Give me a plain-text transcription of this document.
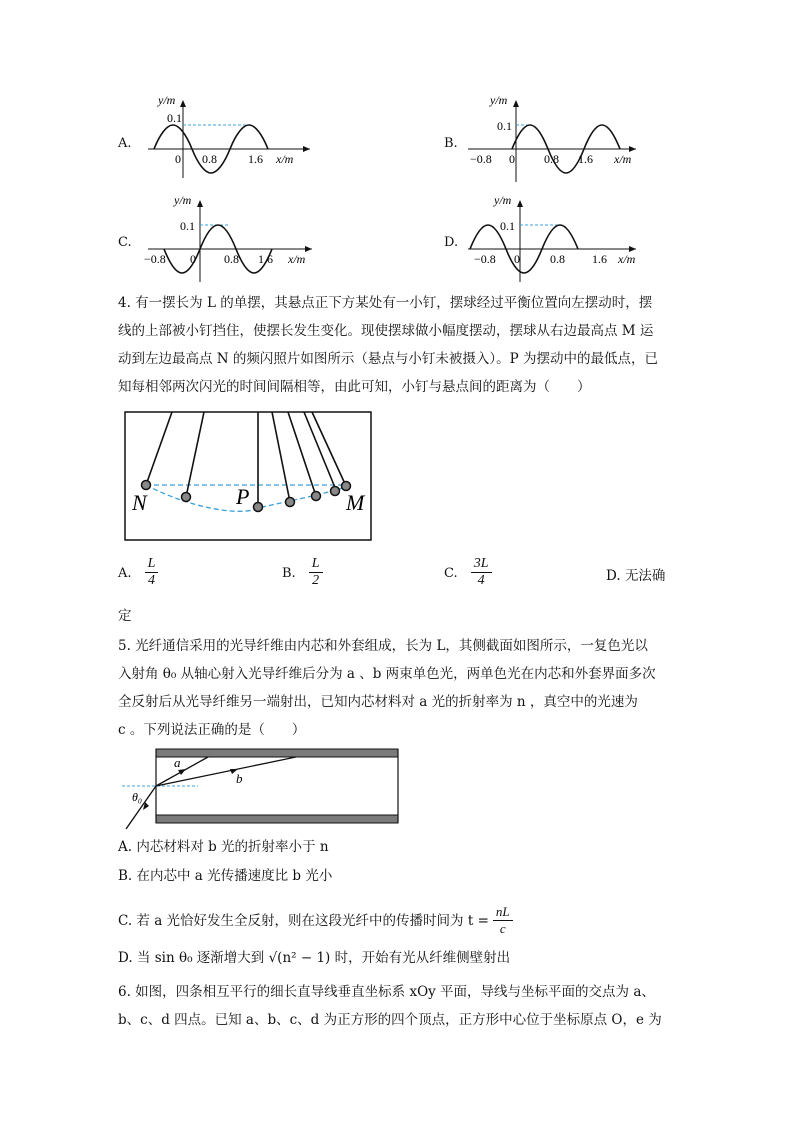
A.
y/m
0.1
0 0.8	1.6 x/m
B.
y/m
0.1
−0.8 0 0.8 1.6 x/m
C.
y/m
0.1
−0.8 0 0.8 1.6 x/m
D.
y/m
0.1
−0.8 0	0.8 1.6 x/m
4. 有一摆长为 L 的单摆，其悬点正下方某处有一小钉，摆球经过平衡位置向左摆动时，摆
线的上部被小钉挡住，使摆长发生变化。现使摆球做小幅度摆动，摆球从右边最高点 M 运
动到左边最高点 N 的频闪照片如图所示（悬点与小钉未被摄入）。P 为摆动中的最低点，已
知每相邻两次闪光的时间间隔相等，由此可知，小钉与悬点间的距离为（　　）
N	P	M
A. $\frac{L}{4}$	B. $\frac{L}{2}$	C. $\frac{3L}{4}$	D. 无法确
定
5. 光纤通信采用的光导纤维由内芯和外套组成，长为 L，其侧截面如图所示，一复色光以
入射角 θ₀ 从轴心射入光导纤维后分为 a 、b 两束单色光，两单色光在内芯和外套界面多次
全反射后从光导纤维另一端射出，已知内芯材料对 a 光的折射率为 n ，真空中的光速为
c 。下列说法正确的是（　　）
a
b
θ₀
A. 内芯材料对 b 光的折射率小于 n
B. 在内芯中 a 光传播速度比 b 光小
C. 若 a 光恰好发生全反射，则在这段光纤中的传播时间为 $t = \frac{nL}{c}$
D. 当 sin θ₀ 逐渐增大到 √(n² − 1) 时，开始有光从纤维侧壁射出
6. 如图，四条相互平行的细长直导线垂直坐标系 xOy 平面，导线与坐标平面的交点为 a、
b、c、d 四点。已知 a、b、c、d 为正方形的四个顶点，正方形中心位于坐标原点 O，e 为
